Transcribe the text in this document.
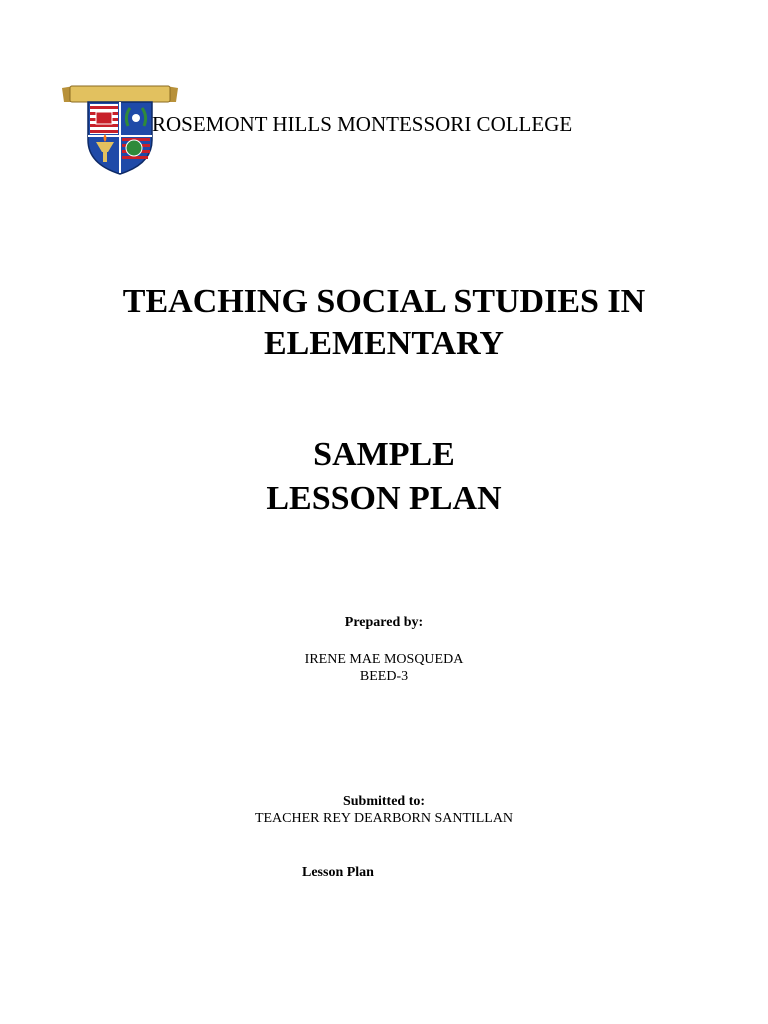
ROSEMONT HILLS MONTESSORI COLLEGE
TEACHING SOCIAL STUDIES IN
ELEMENTARY
SAMPLE
LESSON PLAN
Prepared by:
IRENE MAE MOSQUEDA
BEED-3
Submitted to:
TEACHER REY DEARBORN SANTILLAN
Lesson Plan
